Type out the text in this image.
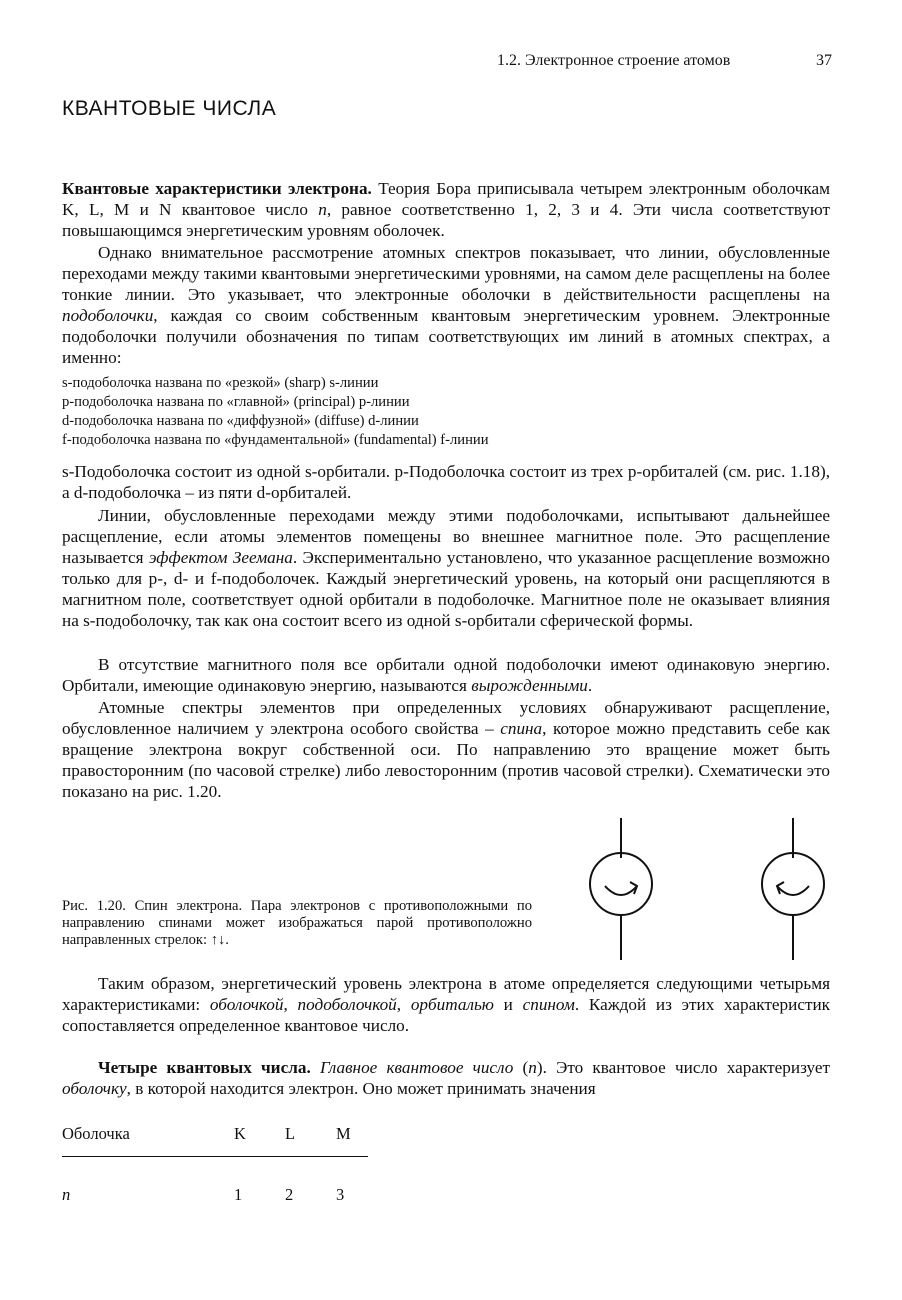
1.2. Электронное строение атомов	37
КВАНТОВЫЕ ЧИСЛА

Квантовые характеристики электрона. Теория Бора приписывала четырем электронным оболочкам K, L, M и N квантовое число n, равное соответственно 1, 2, 3 и 4. Эти числа соответствуют повышающимся энергетическим уровням оболочек.

Однако внимательное рассмотрение атомных спектров показывает, что линии, обусловленные переходами между такими квантовыми энергетическими уровнями, на самом деле расщеплены на более тонкие линии. Это указывает, что электронные оболочки в действительности расщеплены на подоболочки, каждая со своим собственным квантовым энергетическим уровнем. Электронные подоболочки получили обозначения по типам соответствующих им линий в атомных спектрах, а именно:

s-подоболочка названа по «резкой» (sharp) s-линии
p-подоболочка названа по «главной» (principal) p-линии
d-подоболочка названа по «диффузной» (diffuse) d-линии
f-подоболочка названа по «фундаментальной» (fundamental) f-линии

s-Подоболочка состоит из одной s-орбитали. p-Подоболочка состоит из трех p-орбиталей (см. рис. 1.18), а d-подоболочка – из пяти d-орбиталей.

Линии, обусловленные переходами между этими подоболочками, испытывают дальнейшее расщепление, если атомы элементов помещены во внешнее магнитное поле. Это расщепление называется эффектом Зеемана. Экспериментально установлено, что указанное расщепление возможно только для p-, d- и f-подоболочек. Каждый энергетический уровень, на который они расщепляются в магнитном поле, соответствует одной орбитали в подоболочке. Магнитное поле не оказывает влияния на s-подоболочку, так как она состоит всего из одной s-орбитали сферической формы.

В отсутствие магнитного поля все орбитали одной подоболочки имеют одинаковую энергию. Орбитали, имеющие одинаковую энергию, называются вырожденными.

Атомные спектры элементов при определенных условиях обнаруживают расщепление, обусловленное наличием у электрона особого свойства – спина, которое можно представить себе как вращение электрона вокруг собственной оси. По направлению это вращение может быть правосторонним (по часовой стрелке) либо левосторонним (против часовой стрелки). Схематически это показано на рис. 1.20.

Рис. 1.20. Спин электрона. Пара электронов с противоположными по направлению спинами может изображаться парой противоположно направленных стрелок: ↑↓.

Таким образом, энергетический уровень электрона в атоме определяется следующими четырьмя характеристиками: оболочкой, подоболочкой, орбиталью и спином. Каждой из этих характеристик сопоставляется определенное квантовое число.

Четыре квантовых числа. Главное квантовое число (n). Это квантовое число характеризует оболочку, в которой находится электрон. Оно может принимать значения

Оболочка	K L M
n	1	2	3
